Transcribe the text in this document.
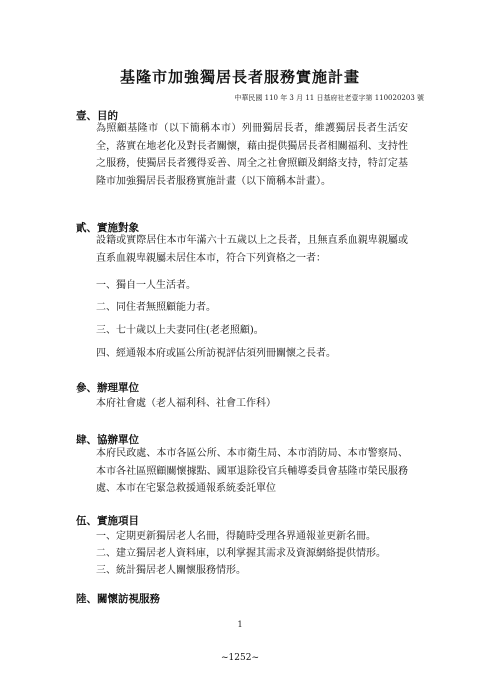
基隆市加強獨居長者服務實施計畫
中華民國 110 年 3 月 11 日基府社老壹字第 110020203 號
壹、目的

為照顧基隆市（以下簡稱本市）列冊獨居長者，維護獨居長者生活安全，落實在地老化及對長者關懷，藉由提供獨居長者相關福利、支持性之服務，使獨居長者獲得妥善、周全之社會照顧及網絡支持，特訂定基隆市加強獨居長者服務實施計畫（以下簡稱本計畫）。

貳、實施對象

設籍或實際居住本市年滿六十五歲以上之長者，且無直系血親卑親屬或直系血親卑親屬未居住本市，符合下列資格之一者：

一、獨自一人生活者。

二、同住者無照顧能力者。

三、七十歲以上夫妻同住(老老照顧)。

四、經通報本府或區公所訪視評估須列冊關懷之長者。

參、辦理單位

本府社會處（老人福利科、社會工作科）

肆、協辦單位

本府民政處、本市各區公所、本市衛生局、本市消防局、本市警察局、本市各社區照顧關懷據點、國軍退除役官兵輔導委員會基隆市榮民服務處、本市在宅緊急救援通報系統委託單位

伍、實施項目

一、定期更新獨居老人名冊，得隨時受理各界通報並更新名冊。

二、建立獨居老人資料庫，以利掌握其需求及資源網絡提供情形。

三、統計獨居老人關懷服務情形。

陸、關懷訪視服務
1
~1252~
